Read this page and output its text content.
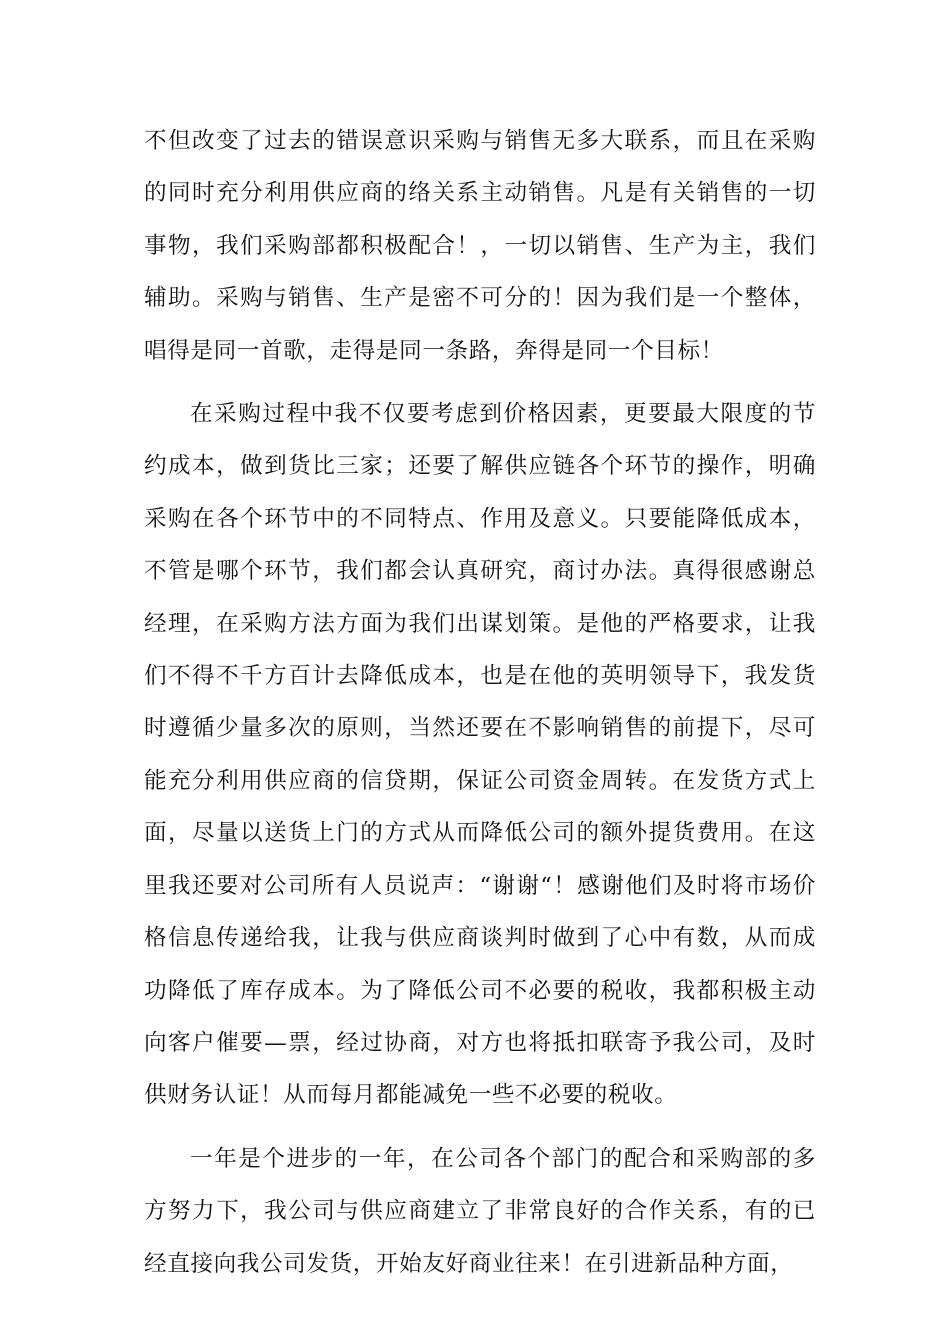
不但改变了过去的错误意识采购与销售无多大联系，而且在采购的同时充分利用供应商的络关系主动销售。凡是有关销售的一切事物，我们采购部都积极配合！，一切以销售、生产为主，我们辅助。采购与销售、生产是密不可分的！因为我们是一个整体，唱得是同一首歌，走得是同一条路，奔得是同一个目标！

在采购过程中我不仅要考虑到价格因素，更要最大限度的节约成本，做到货比三家；还要了解供应链各个环节的操作，明确采购在各个环节中的不同特点、作用及意义。只要能降低成本，不管是哪个环节，我们都会认真研究，商讨办法。真得很感谢总经理，在采购方法方面为我们出谋划策。是他的严格要求，让我们不得不千方百计去降低成本，也是在他的英明领导下，我发货时遵循少量多次的原则，当然还要在不影响销售的前提下，尽可能充分利用供应商的信贷期，保证公司资金周转。在发货方式上面，尽量以送货上门的方式从而降低公司的额外提货费用。在这里我还要对公司所有人员说声：“谢谢“！感谢他们及时将市场价格信息传递给我，让我与供应商谈判时做到了心中有数，从而成功降低了库存成本。为了降低公司不必要的税收，我都积极主动向客户催要—票，经过协商，对方也将抵扣联寄予我公司，及时供财务认证！从而每月都能减免一些不必要的税收。

一年是个进步的一年，在公司各个部门的配合和采购部的多方努力下，我公司与供应商建立了非常良好的合作关系，有的已经直接向我公司发货，开始友好商业往来！在引进新品种方面，
